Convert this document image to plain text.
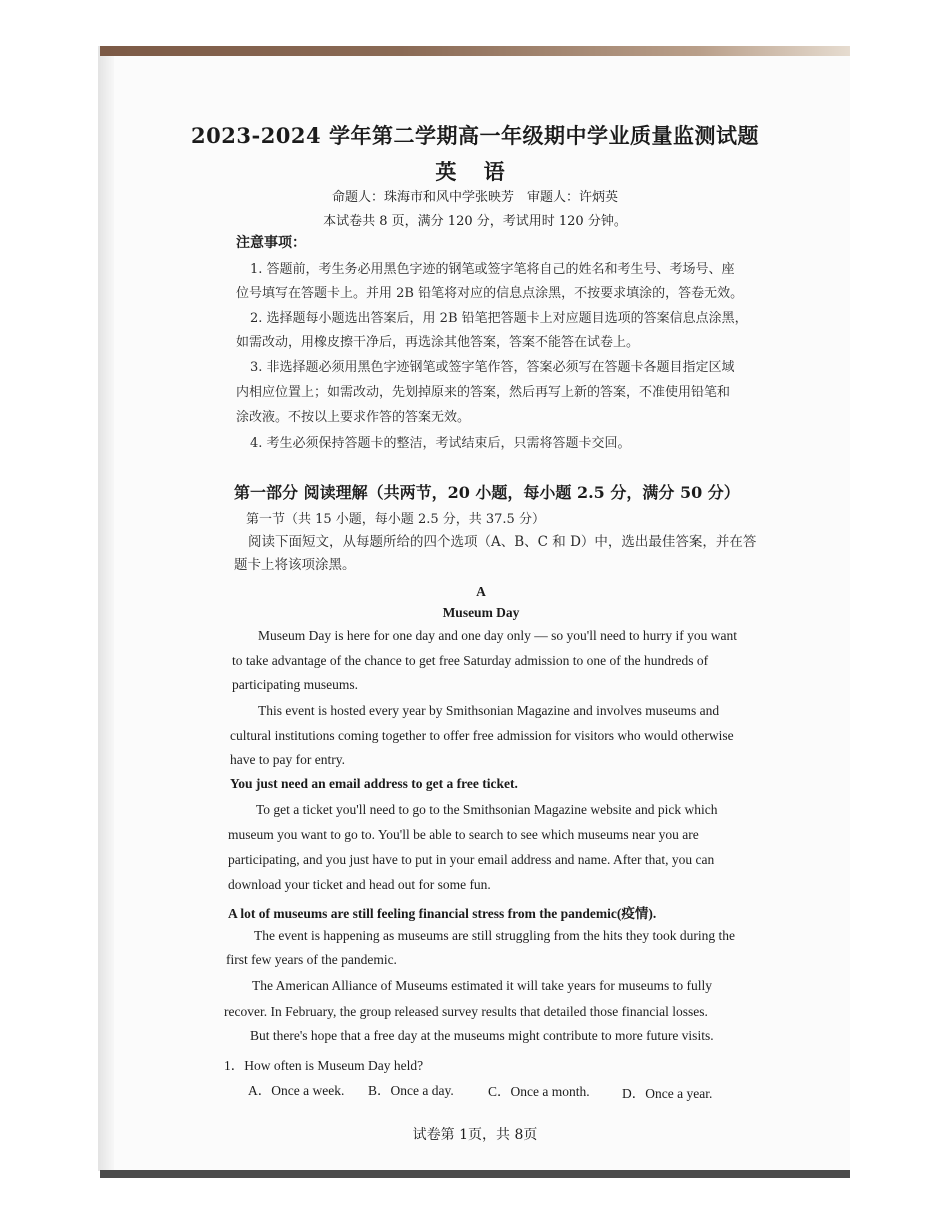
2023-2024 学年第二学期高一年级期中学业质量监测试题
英 语
命题人：珠海市和风中学张映芳　审题人：许炳英
本试卷共 8 页，满分 120 分，考试用时 120 分钟。
注意事项：
1. 答题前，考生务必用黑色字迹的钢笔或签字笔将自己的姓名和考生号、考场号、座
位号填写在答题卡上。并用 2B 铅笔将对应的信息点涂黑，不按要求填涂的，答卷无效。
2. 选择题每小题选出答案后，用 2B 铅笔把答题卡上对应题目选项的答案信息点涂黑，
如需改动，用橡皮擦干净后，再选涂其他答案，答案不能答在试卷上。
3. 非选择题必须用黑色字迹钢笔或签字笔作答，答案必须写在答题卡各题目指定区域
内相应位置上；如需改动，先划掉原来的答案，然后再写上新的答案，不准使用铅笔和
涂改液。不按以上要求作答的答案无效。
4. 考生必须保持答题卡的整洁，考试结束后，只需将答题卡交回。
第一部分 阅读理解（共两节，20 小题，每小题 2.5 分，满分 50 分）
第一节（共 15 小题，每小题 2.5 分，共 37.5 分）
阅读下面短文，从每题所给的四个选项（A、B、C 和 D）中，选出最佳答案，并在答
题卡上将该项涂黑。
A
Museum Day
Museum Day is here for one day and one day only — so you'll need to hurry if you want
to take advantage of the chance to get free Saturday admission to one of the hundreds of
participating museums.
This event is hosted every year by Smithsonian Magazine and involves museums and
cultural institutions coming together to offer free admission for visitors who would otherwise
have to pay for entry.
You just need an email address to get a free ticket.
To get a ticket you'll need to go to the Smithsonian Magazine website and pick which
museum you want to go to. You'll be able to search to see which museums near you are
participating, and you just have to put in your email address and name. After that, you can
download your ticket and head out for some fun.
A lot of museums are still feeling financial stress from the pandemic(疫情).
The event is happening as museums are still struggling from the hits they took during the
first few years of the pandemic.
The American Alliance of Museums estimated it will take years for museums to fully
recover. In February, the group released survey results that detailed those financial losses.
But there's hope that a free day at the museums might contribute to more future visits.
1．How often is Museum Day held?
A．Once a week. B．Once a day.	C．Once a month. D．Once a year.
试卷第 1页，共 8页
